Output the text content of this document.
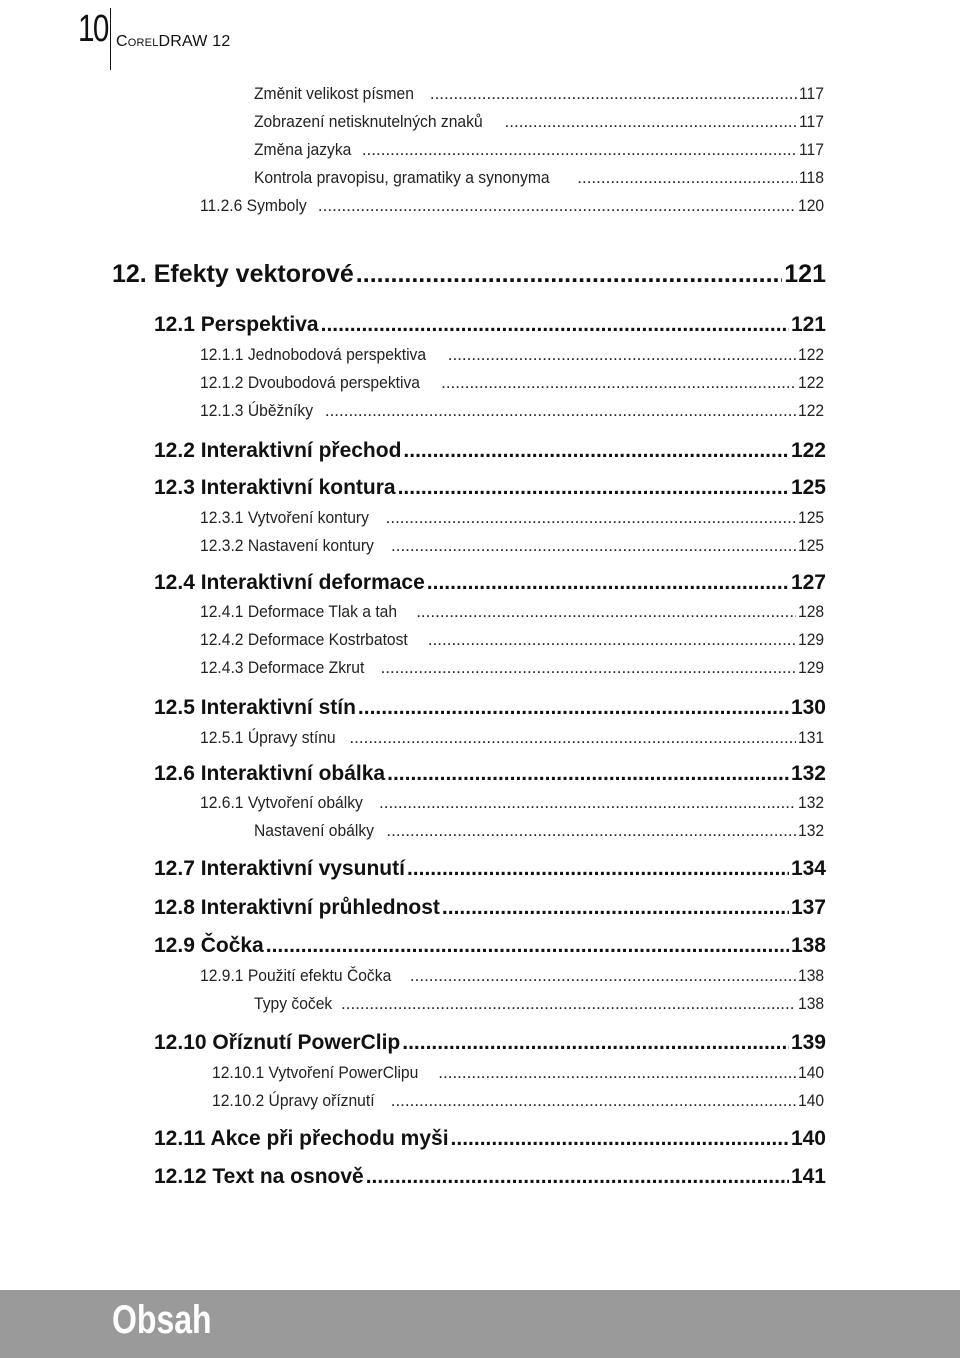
10 CorelDRAW 12
Změnit velikost písmen .....	117
Zobrazení netisknutelných znaků .....	117
Změna jazyka .....	117
Kontrola pravopisu, gramatiky a synonyma .....	118
11.2.6 Symboly .....	120
12. Efekty vektorové .....	121
12.1 Perspektiva .....	121
12.1.1 Jednobodová perspektiva .....	122
12.1.2 Dvoubodová perspektiva .....	122
12.1.3 Úběžníky .....	122
12.2 Interaktivní přechod .....	122
12.3 Interaktivní kontura .....	125
12.3.1 Vytvoření kontury .....	125
12.3.2 Nastavení kontury .....	125
12.4 Interaktivní deformace .....	127
12.4.1 Deformace Tlak a tah .....	128
12.4.2 Deformace Kostrbatost .....	129
12.4.3 Deformace Zkrut .....	129
12.5 Interaktivní stín .....	130
12.5.1 Úpravy stínu .....	131
12.6 Interaktivní obálka .....	132
12.6.1 Vytvoření obálky .....	132
Nastavení obálky .....	132
12.7 Interaktivní vysunutí .....	134
12.8 Interaktivní průhlednost .....	137
12.9 Čočka .....	138
12.9.1 Použití efektu Čočka .....	138
Typy čoček .....	138
12.10 Oříznutí PowerClip .....	139
12.10.1 Vytvoření PowerClipu .....	140
12.10.2 Úpravy oříznutí .....	140
12.11 Akce při přechodu myši .....	140
12.12 Text na osnově .....	141
Obsah
